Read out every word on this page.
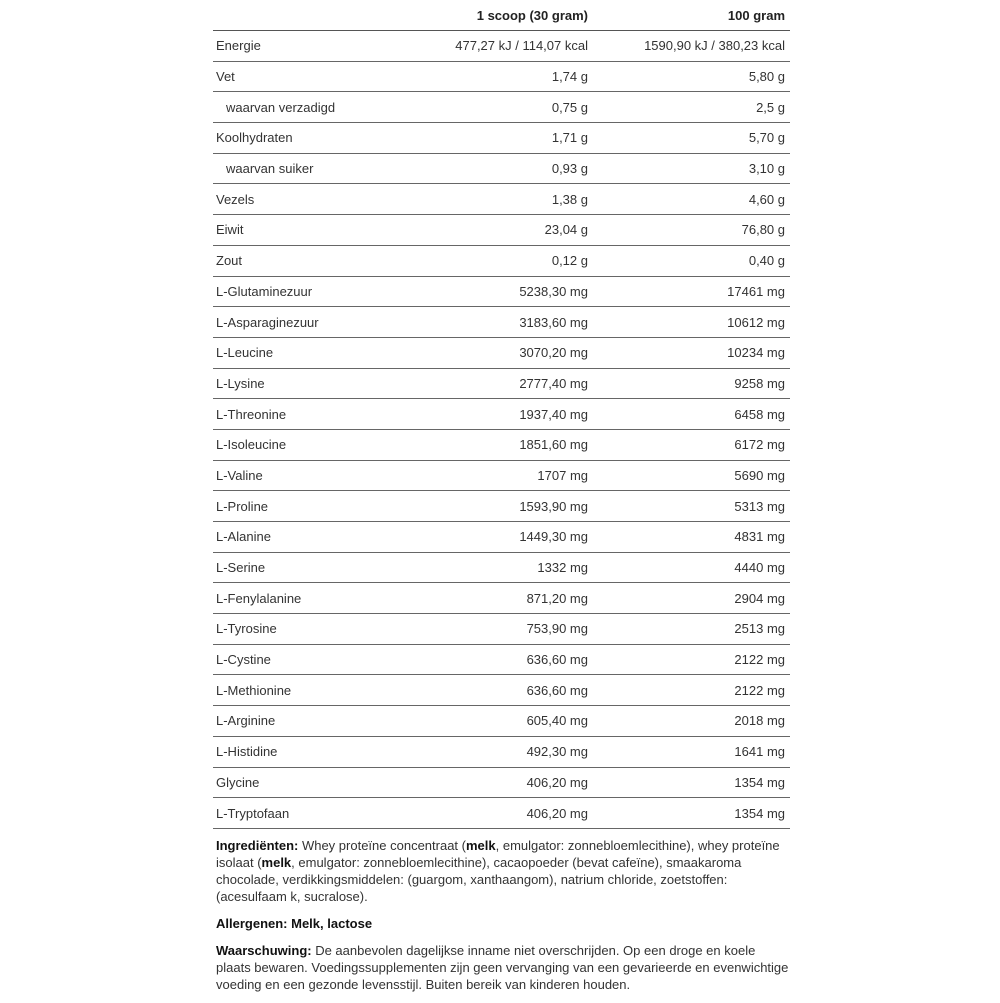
	1 scoop (30 gram)	100 gram
Energie	477,27 kJ / 114,07 kcal	1590,90 kJ / 380,23 kcal
Vet	1,74 g	5,80 g
waarvan verzadigd	0,75 g	2,5 g
Koolhydraten	1,71 g	5,70 g
waarvan suiker	0,93 g	3,10 g
Vezels	1,38 g	4,60 g
Eiwit	23,04 g	76,80 g
Zout	0,12 g	0,40 g
L-Glutaminezuur	5238,30 mg	17461 mg
L-Asparaginezuur	3183,60 mg	10612 mg
L-Leucine	3070,20 mg	10234 mg
L-Lysine	2777,40 mg	9258 mg
L-Threonine	1937,40 mg	6458 mg
L-Isoleucine	1851,60 mg	6172 mg
L-Valine	1707 mg	5690 mg
L-Proline	1593,90 mg	5313 mg
L-Alanine	1449,30 mg	4831 mg
L-Serine	1332 mg	4440 mg
L-Fenylalanine	871,20 mg	2904 mg
L-Tyrosine	753,90 mg	2513 mg
L-Cystine	636,60 mg	2122 mg
L-Methionine	636,60 mg	2122 mg
L-Arginine	605,40 mg	2018 mg
L-Histidine	492,30 mg	1641 mg
Glycine	406,20 mg	1354 mg
L-Tryptofaan	406,20 mg	1354 mg

Ingrediënten: Whey proteïne concentraat (melk, emulgator: zonnebloemlecithine), whey proteïne isolaat (melk, emulgator: zonnebloemlecithine), cacaopoeder (bevat cafeïne), smaakaroma chocolade, verdikkingsmiddelen: (guargom, xanthaangom), natrium chloride, zoetstoffen: (acesulfaam k, sucralose).

Allergenen: Melk, lactose

Waarschuwing: De aanbevolen dagelijkse inname niet overschrijden. Op een droge en koele plaats bewaren. Voedingssupplementen zijn geen vervanging van een gevarieerde en evenwichtige voeding en een gezonde levensstijl. Buiten bereik van kinderen houden.
